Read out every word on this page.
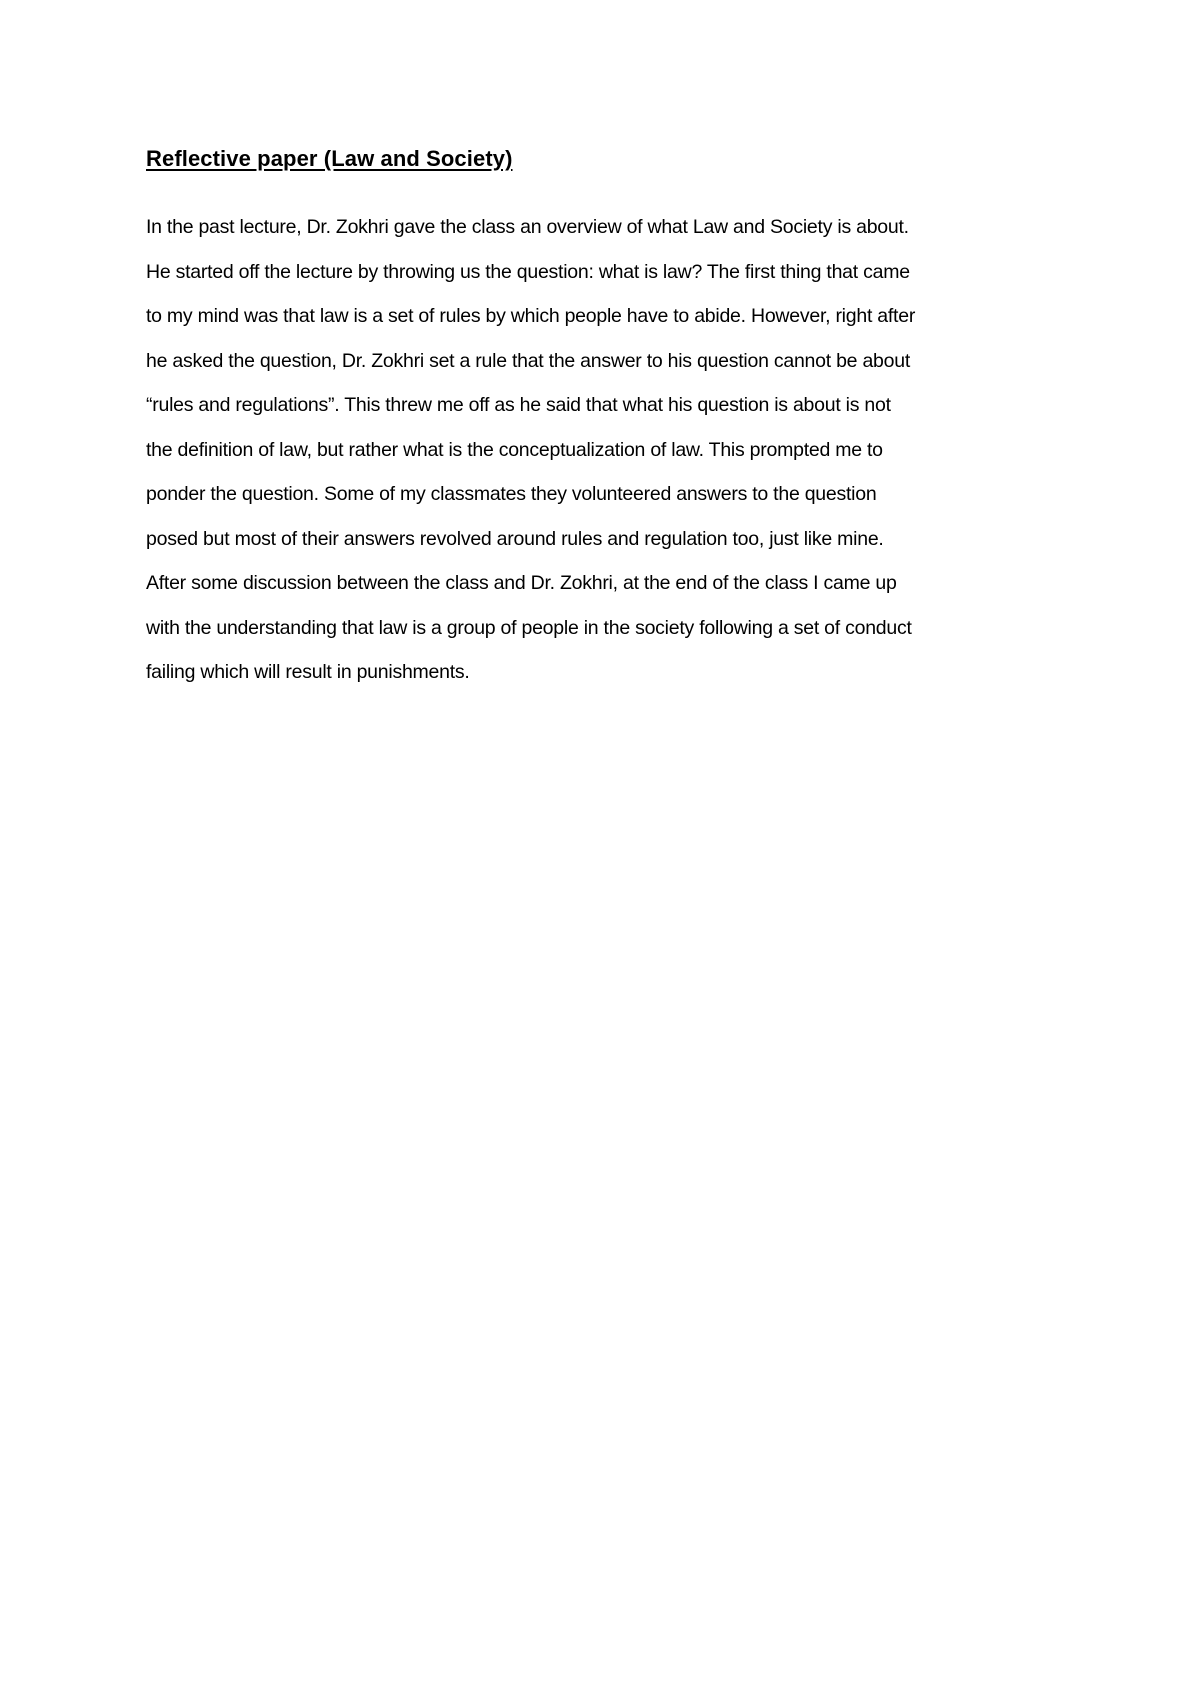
Reflective paper (Law and Society)
In the past lecture, Dr. Zokhri gave the class an overview of what Law and Society is about.
He started off the lecture by throwing us the question: what is law? The first thing that came
to my mind was that law is a set of rules by which people have to abide. However, right after
he asked the question, Dr. Zokhri set a rule that the answer to his question cannot be about
“rules and regulations”. This threw me off as he said that what his question is about is not
the definition of law, but rather what is the conceptualization of law. This prompted me to
ponder the question. Some of my classmates they volunteered answers to the question
posed but most of their answers revolved around rules and regulation too, just like mine.
After some discussion between the class and Dr. Zokhri, at the end of the class I came up
with the understanding that law is a group of people in the society following a set of conduct
failing which will result in punishments.
